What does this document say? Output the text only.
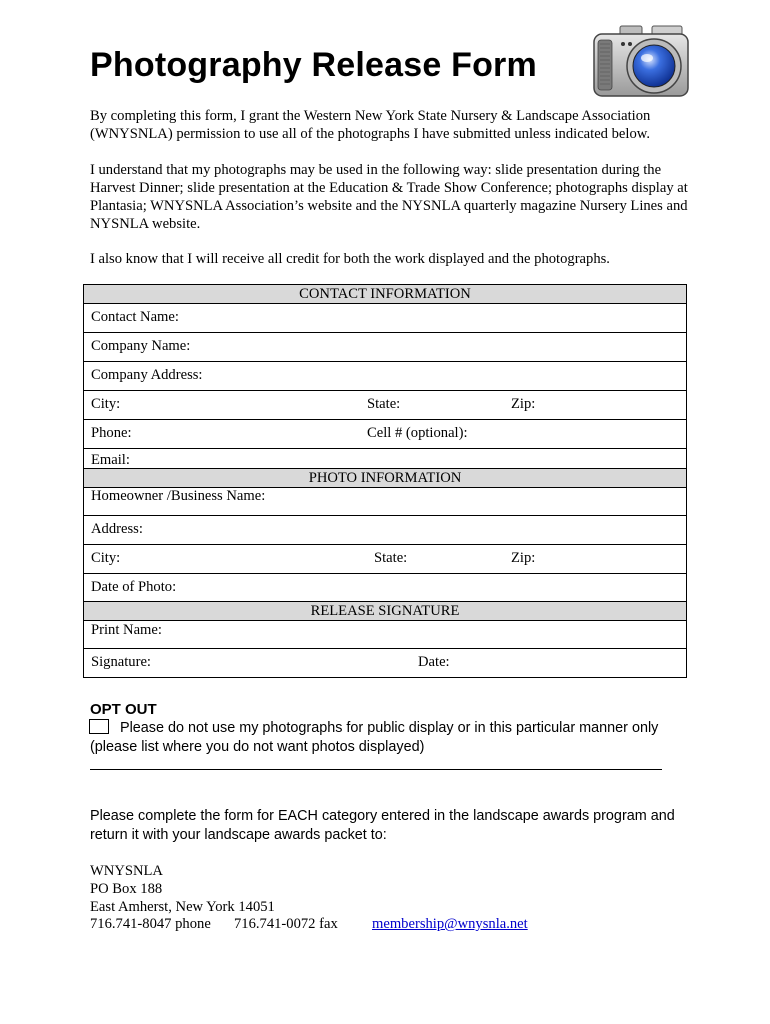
Photography Release Form

By completing this form, I grant the Western New York State Nursery & Landscape Association (WNYSNLA) permission to use all of the photographs I have submitted unless indicated below.

I understand that my photographs may be used in the following way: slide presentation during the Harvest Dinner; slide presentation at the Education & Trade Show Conference; photographs display at Plantasia; WNYSNLA Association’s website and the NYSNLA quarterly magazine Nursery Lines and NYSNLA website.

I also know that I will receive all credit for both the work displayed and the photographs.

CONTACT INFORMATION
Contact Name:
Company Name:
Company Address:
City:	State:	Zip:
Phone:	Cell # (optional):
Email:
PHOTO INFORMATION
Homeowner /Business Name:
Address:
City:	State:	Zip:
Date of Photo:
RELEASE SIGNATURE
Print Name:
Signature:	Date:

OPT OUT

Please do not use my photographs for public display or in this particular manner only (please list where you do not want photos displayed)

Please complete the form for EACH category entered in the landscape awards program and return it with your landscape awards packet to:

WNYSNLA

PO Box 188

East Amherst, New York 14051

716.741-8047 phone 716.741-0072 fax membership@wnysnla.net
